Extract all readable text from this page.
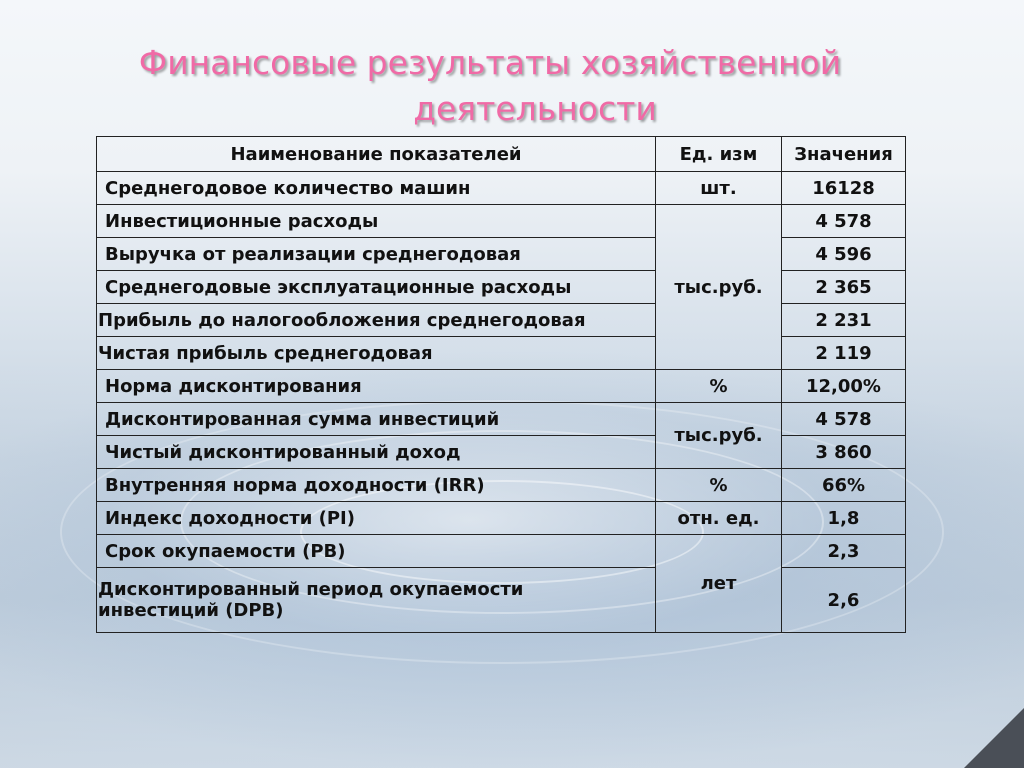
Финансовые результаты хозяйственной
деятельности
Наименование показателей	Ед. изм	Значения
Среднегодовое количество машин	шт.	16128
Инвестиционные расходы	тыс.руб.	4 578
Выручка от реализации среднегодовая		4 596
Среднегодовые эксплуатационные расходы		2 365
Прибыль до налогообложения среднегодовая		2 231
Чистая прибыль среднегодовая		2 119
Норма дисконтирования	%	12,00%
Дисконтированная сумма инвестиций	тыс.руб.	4 578
Чистый дисконтированный доход		3 860
Внутренняя норма доходности (IRR)	%	66%
Индекс доходности (PI)	отн. ед.	1,8
Срок окупаемости (PB)	лет	2,3
Дисконтированный период окупаемости инвестиций (DPB)		2,6
